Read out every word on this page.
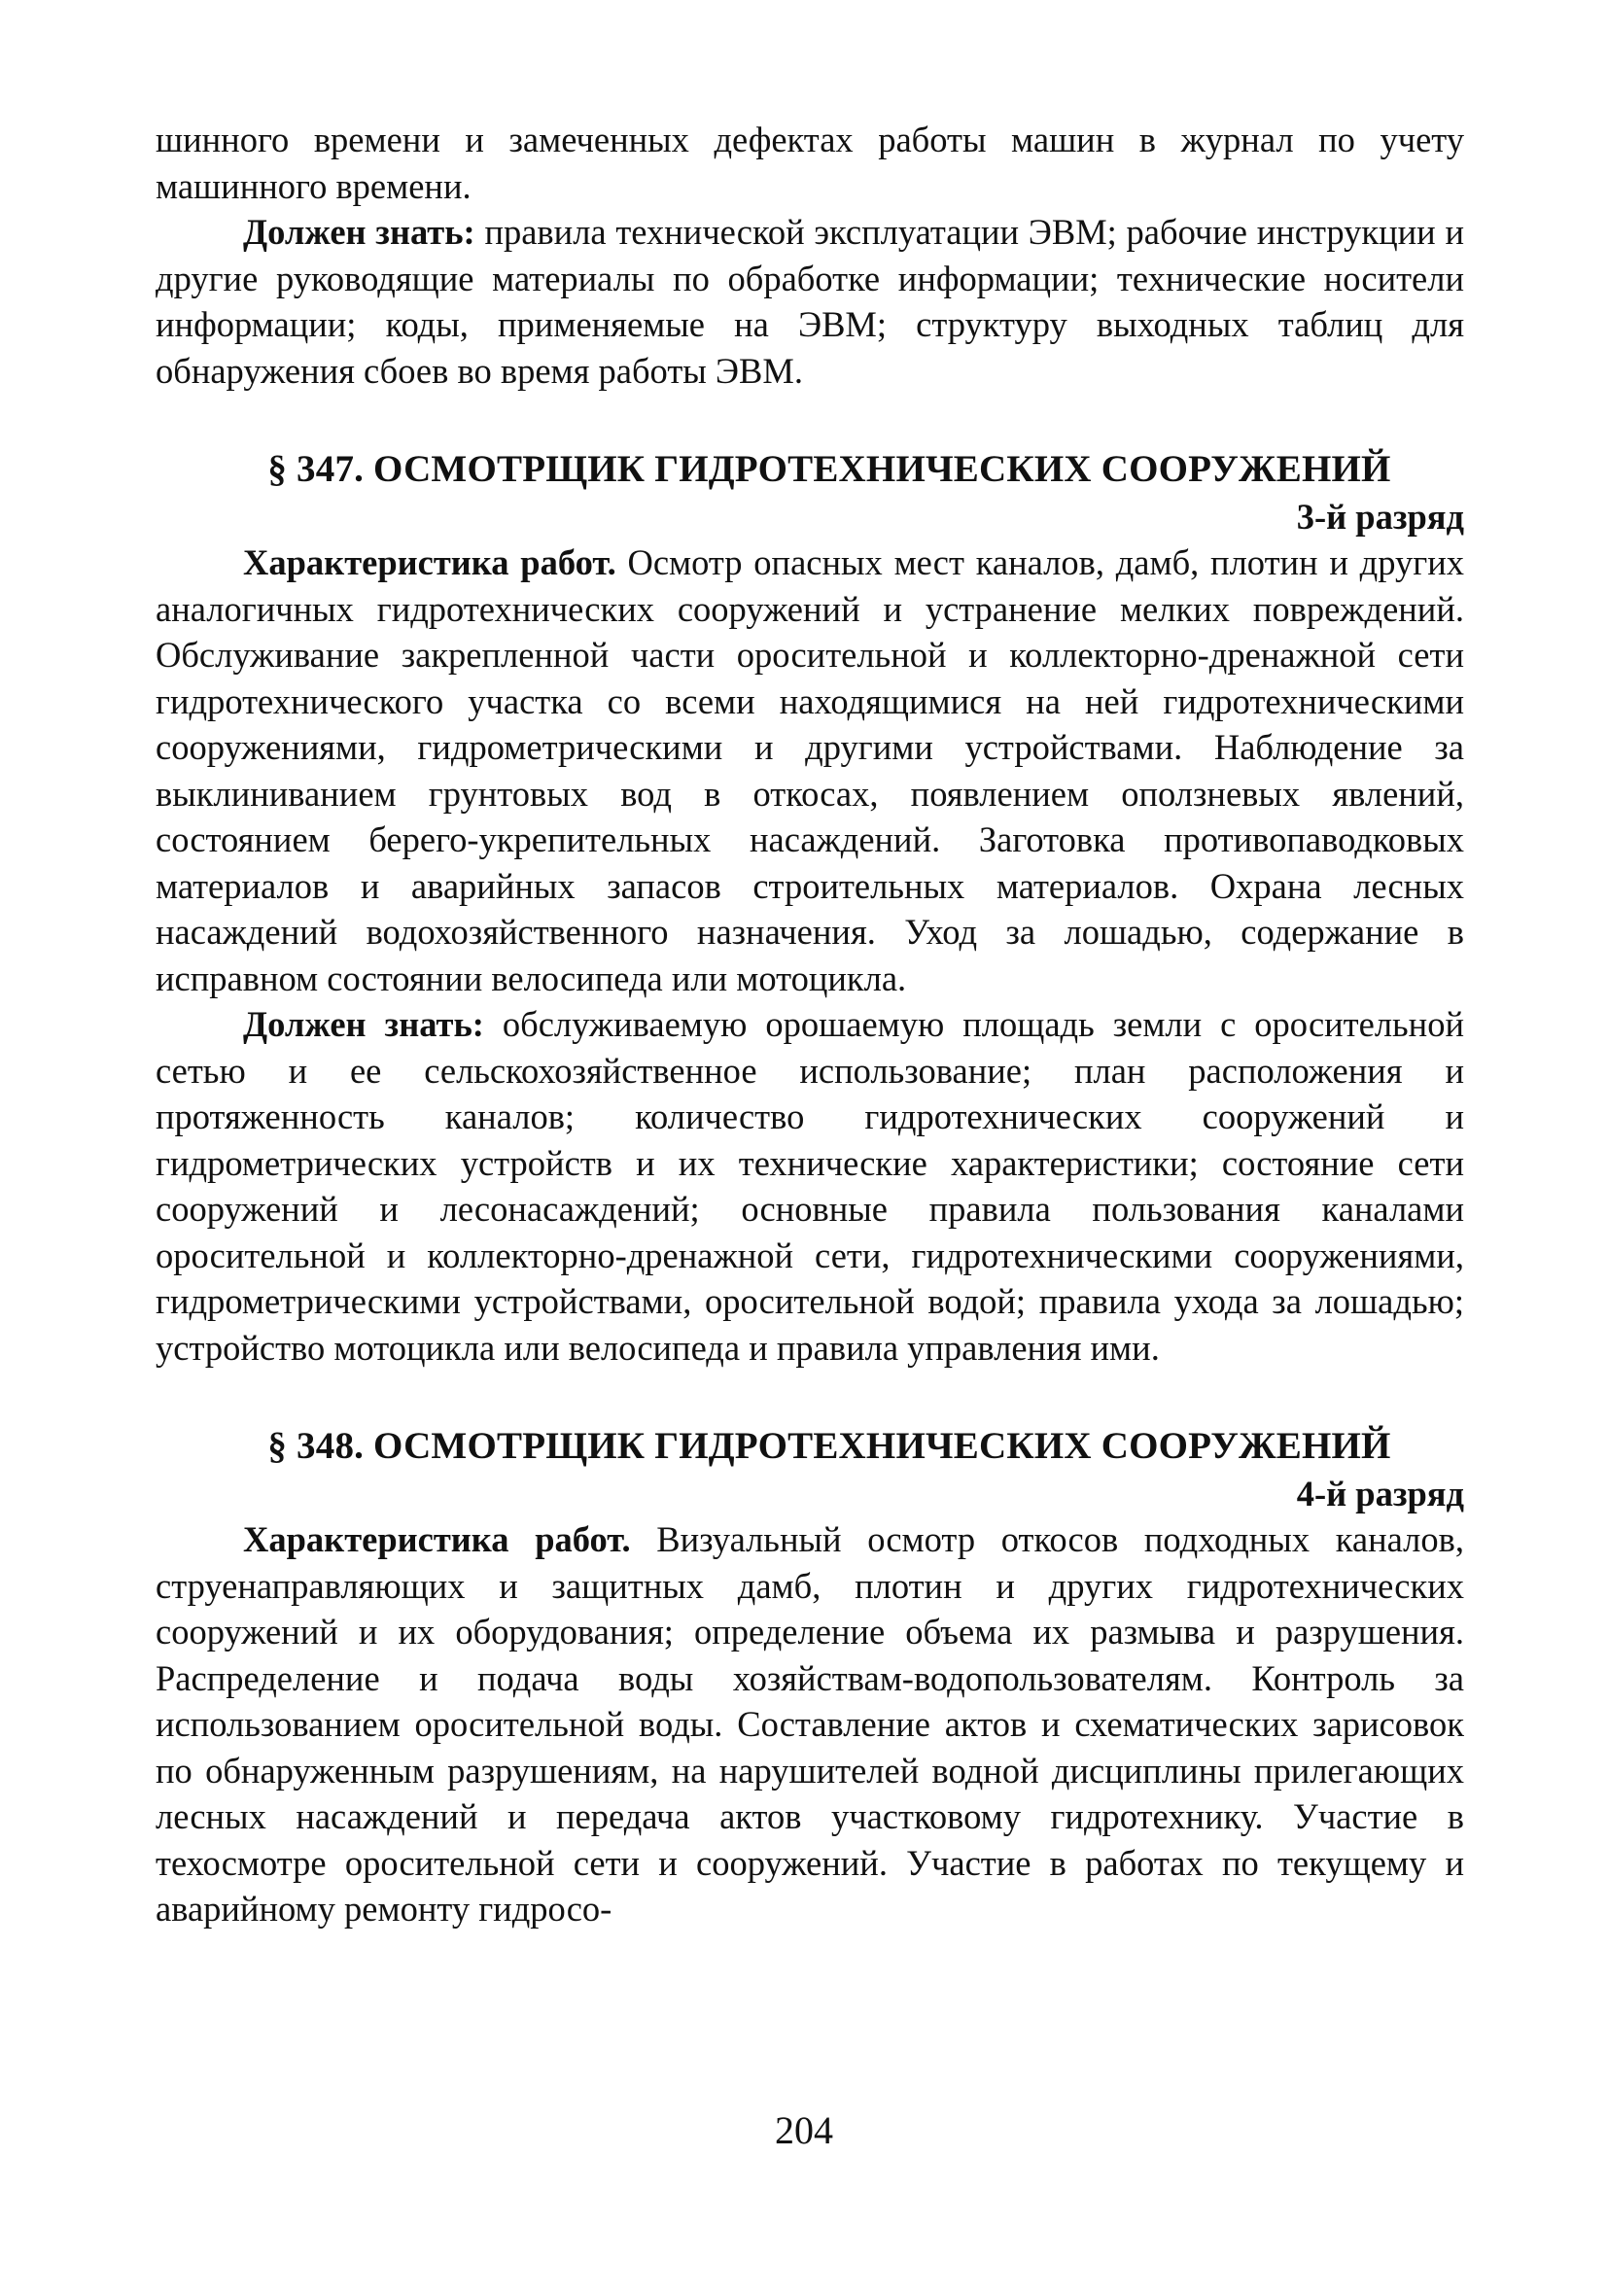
шинного времени и замеченных дефектах работы машин в журнал по учету машинного времени.

Должен знать: правила технической эксплуатации ЭВМ; рабочие инструкции и другие руководящие материалы по обработке информации; технические носители информации; коды, применяемые на ЭВМ; структуру выходных таблиц для обнаружения сбоев во время работы ЭВМ.

§ 347. ОСМОТРЩИК ГИДРОТЕХНИЧЕСКИХ СООРУЖЕНИЙ
3-й разряд

Характеристика работ. Осмотр опасных мест каналов, дамб, плотин и других аналогичных гидротехнических сооружений и устранение мелких повреждений. Обслуживание закрепленной части оросительной и коллекторно-дренажной сети гидротехнического участка со всеми находящимися на ней гидротехническими сооружениями, гидрометрическими и другими устройствами. Наблюдение за выклиниванием грунтовых вод в откосах, появлением оползневых явлений, состоянием берего-укрепительных насаждений. Заготовка противопаводковых материалов и аварийных запасов строительных материалов. Охрана лесных насаждений водохозяйственного назначения. Уход за лошадью, содержание в исправном состоянии велосипеда или мотоцикла.

Должен знать: обслуживаемую орошаемую площадь земли с оросительной сетью и ее сельскохозяйственное использование; план расположения и протяженность каналов; количество гидротехнических сооружений и гидрометрических устройств и их технические характеристики; состояние сети сооружений и лесонасаждений; основные правила пользования каналами оросительной и коллекторно-дренажной сети, гидротехническими сооружениями, гидрометрическими устройствами, оросительной водой; правила ухода за лошадью; устройство мотоцикла или велосипеда и правила управления ими.

§ 348. ОСМОТРЩИК ГИДРОТЕХНИЧЕСКИХ СООРУЖЕНИЙ
4-й разряд

Характеристика работ. Визуальный осмотр откосов подходных каналов, струенаправляющих и защитных дамб, плотин и других гидротехнических сооружений и их оборудования; определение объема их размыва и разрушения. Распределение и подача воды хозяйствам-водопользователям. Контроль за использованием оросительной воды. Составление актов и схематических зарисовок по обнаруженным разрушениям, на нарушителей водной дисциплины прилегающих лесных насаждений и передача актов участковому гидротехнику. Участие в техосмотре оросительной сети и сооружений. Участие в работах по текущему и аварийному ремонту гидросо-

204
